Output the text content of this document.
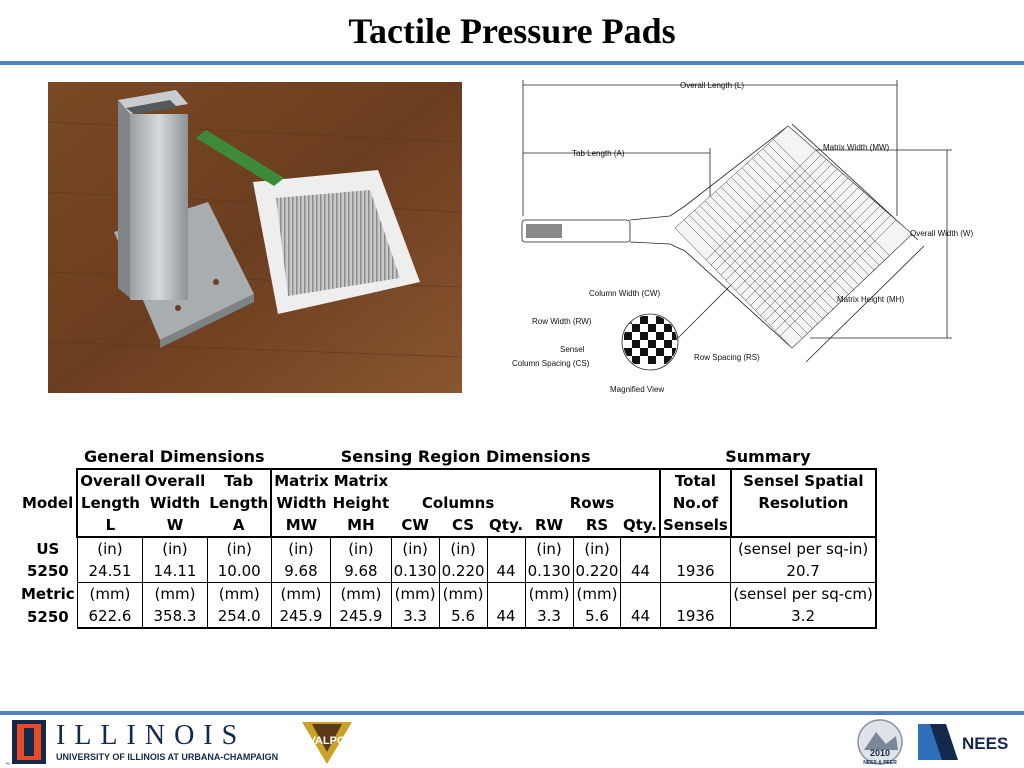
Tactile Pressure Pads
Overall Length (L)
Tab Length (A)
Matrix Width (MW)
Overall Width (W)
Matrix Height (MH)
Column Width (CW)
Row Width (RW)
Sensel
Column Spacing (CS)
Row Spacing (RS)
Magnified View
	General Dimensions			Sensing Region Dimensions								Summary	
	Overall	Overall	Tab	Matrix	Matrix							Total	Sensel Spatial
Model	Length	Width	Length	Width	Height	Columns			Rows			No.of	Resolution
	L	W	A	MW	MH	CW	CS	Qty.	RW	RS	Qty.	Sensels	
US	(in)	(in)	(in)	(in)	(in)	(in)	(in)		(in)	(in)			(sensel per sq-in)
5250	24.51	14.11	10.00	9.68	9.68	0.130	0.220	44	0.130	0.220	44	1936	20.7
Metric	(mm)	(mm)	(mm)	(mm)	(mm)	(mm)	(mm)		(mm)	(mm)			(sensel per sq-cm)
5250	622.6	358.3	254.0	245.9	245.9	3.3	5.6	44	3.3	5.6	44	1936	3.2
™
ILLINOIS
UNIVERSITY OF ILLINOIS AT URBANA-CHAMPAIGN
VALPO
2010
NEES & PEER
NEES
